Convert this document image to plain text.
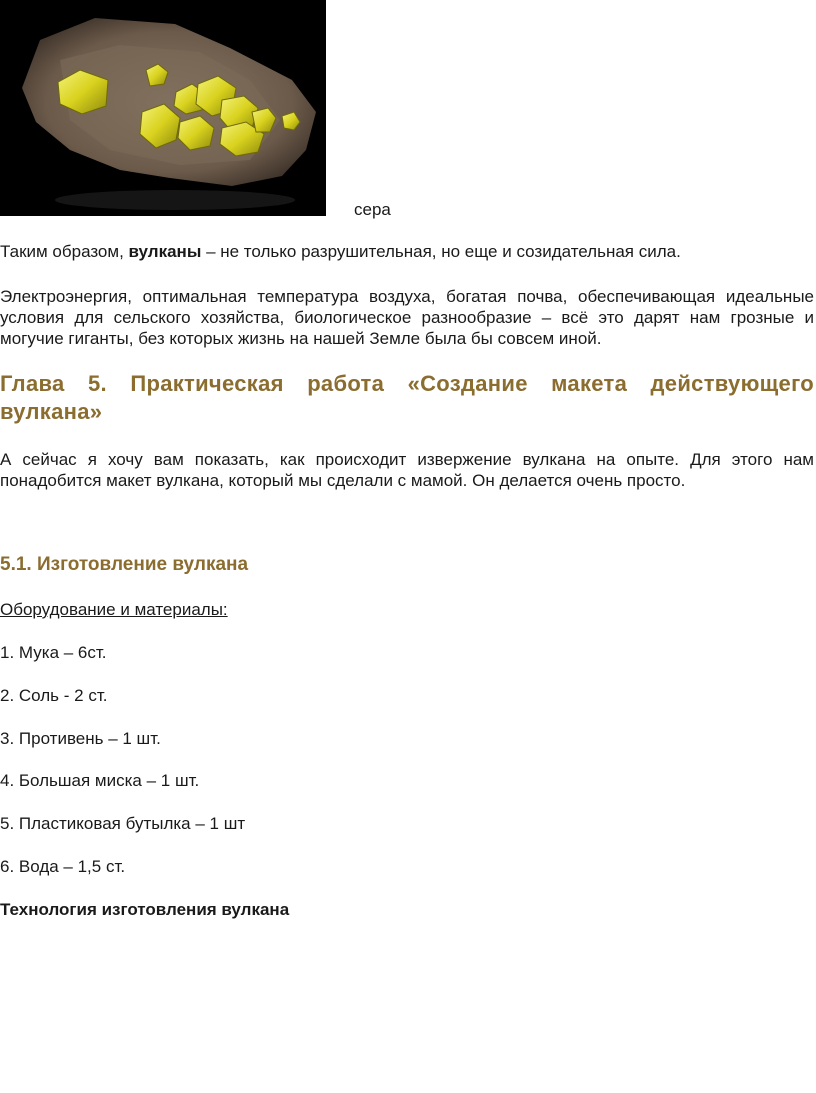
сера

Таким образом, вулканы – не только разрушительная, но еще и созидательная сила.

Электроэнергия, оптимальная температура воздуха, богатая почва, обеспечивающая идеальные условия для сельского хозяйства, биологическое разнообразие – всё это дарят нам грозные и могучие гиганты, без которых жизнь на нашей Земле была бы совсем иной.

Глава 5. Практическая работа «Создание макета действующего вулкана»

А сейчас я хочу вам показать, как происходит извержение вулкана на опыте. Для этого нам понадобится макет вулкана, который мы сделали с мамой. Он делается очень просто.

5.1. Изготовление вулкана
Оборудование и материалы:
1. Мука – 6ст.
2. Соль - 2 ст.
3. Противень – 1 шт.
4. Большая миска – 1 шт.
5. Пластиковая бутылка – 1 шт
6. Вода – 1,5 ст.
Технология изготовления вулкана
